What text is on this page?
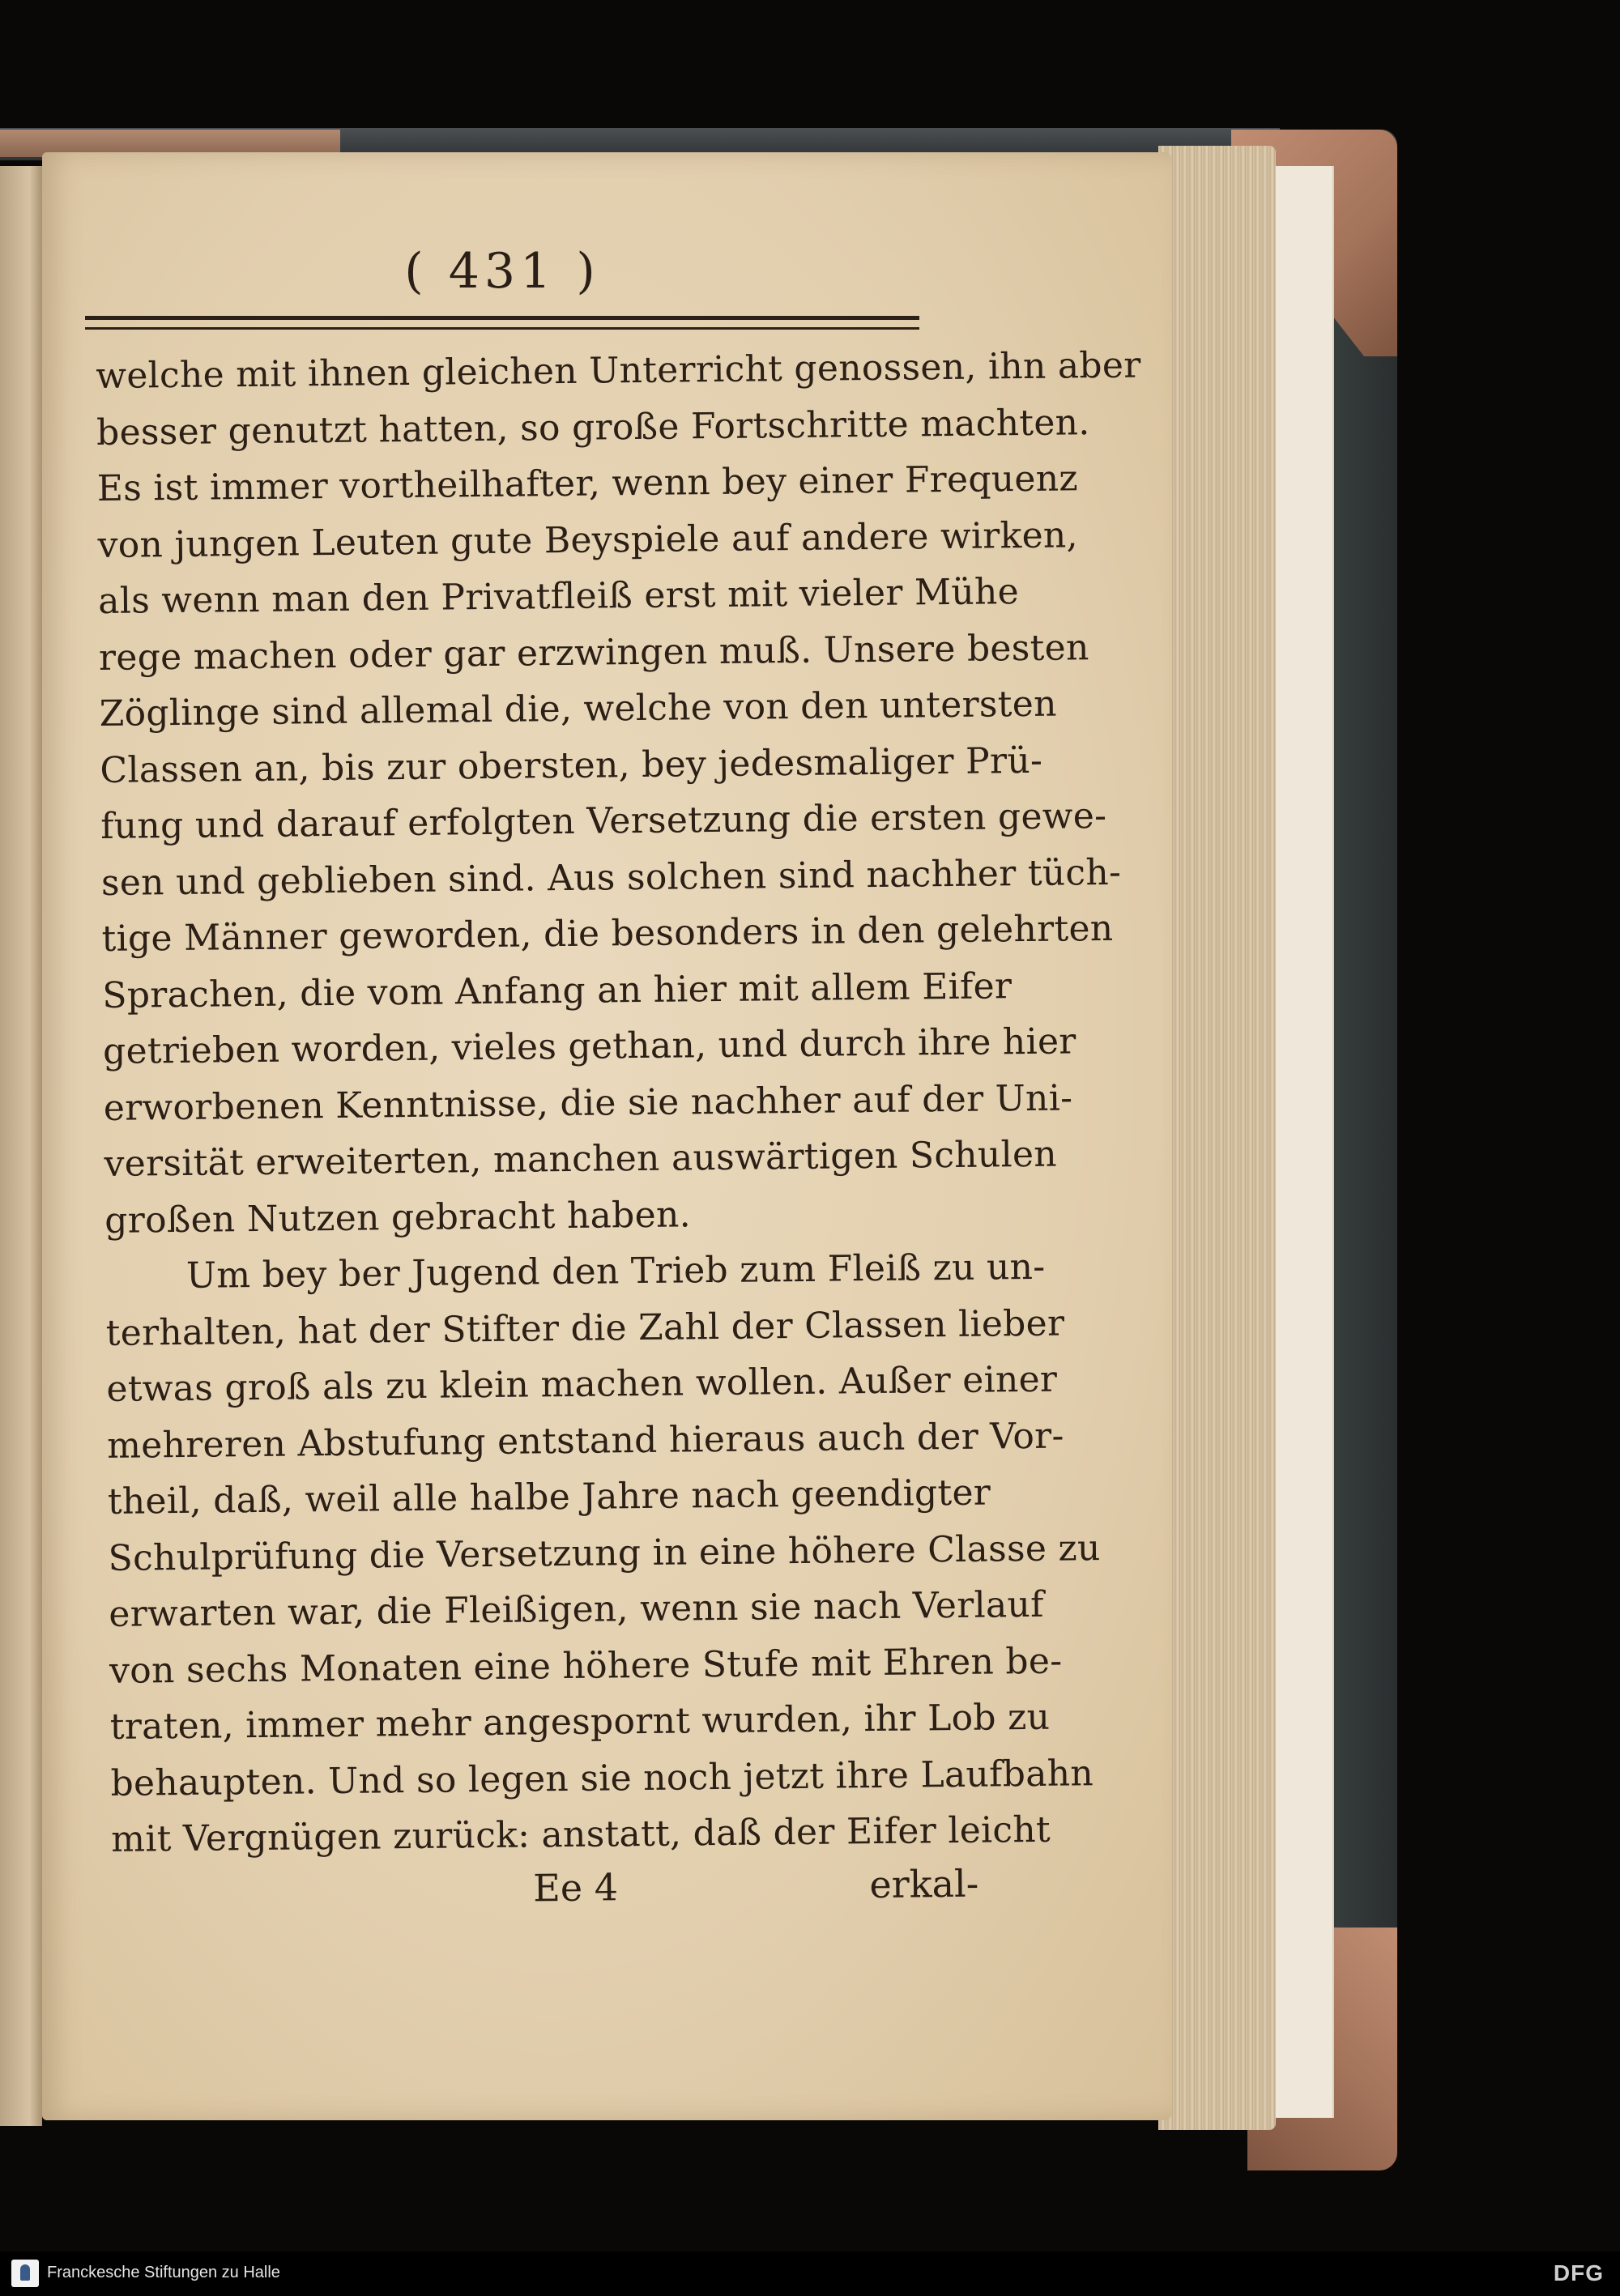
( 431 )
welche mit ihnen gleichen Unterricht genossen, ihn aber
besser genutzt hatten, so große Fortschritte machten.
Es ist immer vortheilhafter, wenn bey einer Frequenz
von jungen Leuten gute Beyspiele auf andere wirken,
als wenn man den Privatfleiß erst mit vieler Mühe
rege machen oder gar erzwingen muß. Unsere besten
Zöglinge sind allemal die, welche von den untersten
Classen an, bis zur obersten, bey jedesmaliger Prü-
fung und darauf erfolgten Versetzung die ersten gewe-
sen und geblieben sind. Aus solchen sind nachher tüch-
tige Männer geworden, die besonders in den gelehrten
Sprachen, die vom Anfang an hier mit allem Eifer
getrieben worden, vieles gethan, und durch ihre hier
erworbenen Kenntnisse, die sie nachher auf der Uni-
versität erweiterten, manchen auswärtigen Schulen
großen Nutzen gebracht haben.
Um bey ber Jugend den Trieb zum Fleiß zu un-
terhalten, hat der Stifter die Zahl der Classen lieber
etwas groß als zu klein machen wollen. Außer einer
mehreren Abstufung entstand hieraus auch der Vor-
theil, daß, weil alle halbe Jahre nach geendigter
Schulprüfung die Versetzung in eine höhere Classe zu
erwarten war, die Fleißigen, wenn sie nach Verlauf
von sechs Monaten eine höhere Stufe mit Ehren be-
traten, immer mehr angespornt wurden, ihr Lob zu
behaupten. Und so legen sie noch jetzt ihre Laufbahn
mit Vergnügen zurück: anstatt, daß der Eifer leicht
Ee 4	erkal-
Franckesche Stiftungen zu Halle	DFG
